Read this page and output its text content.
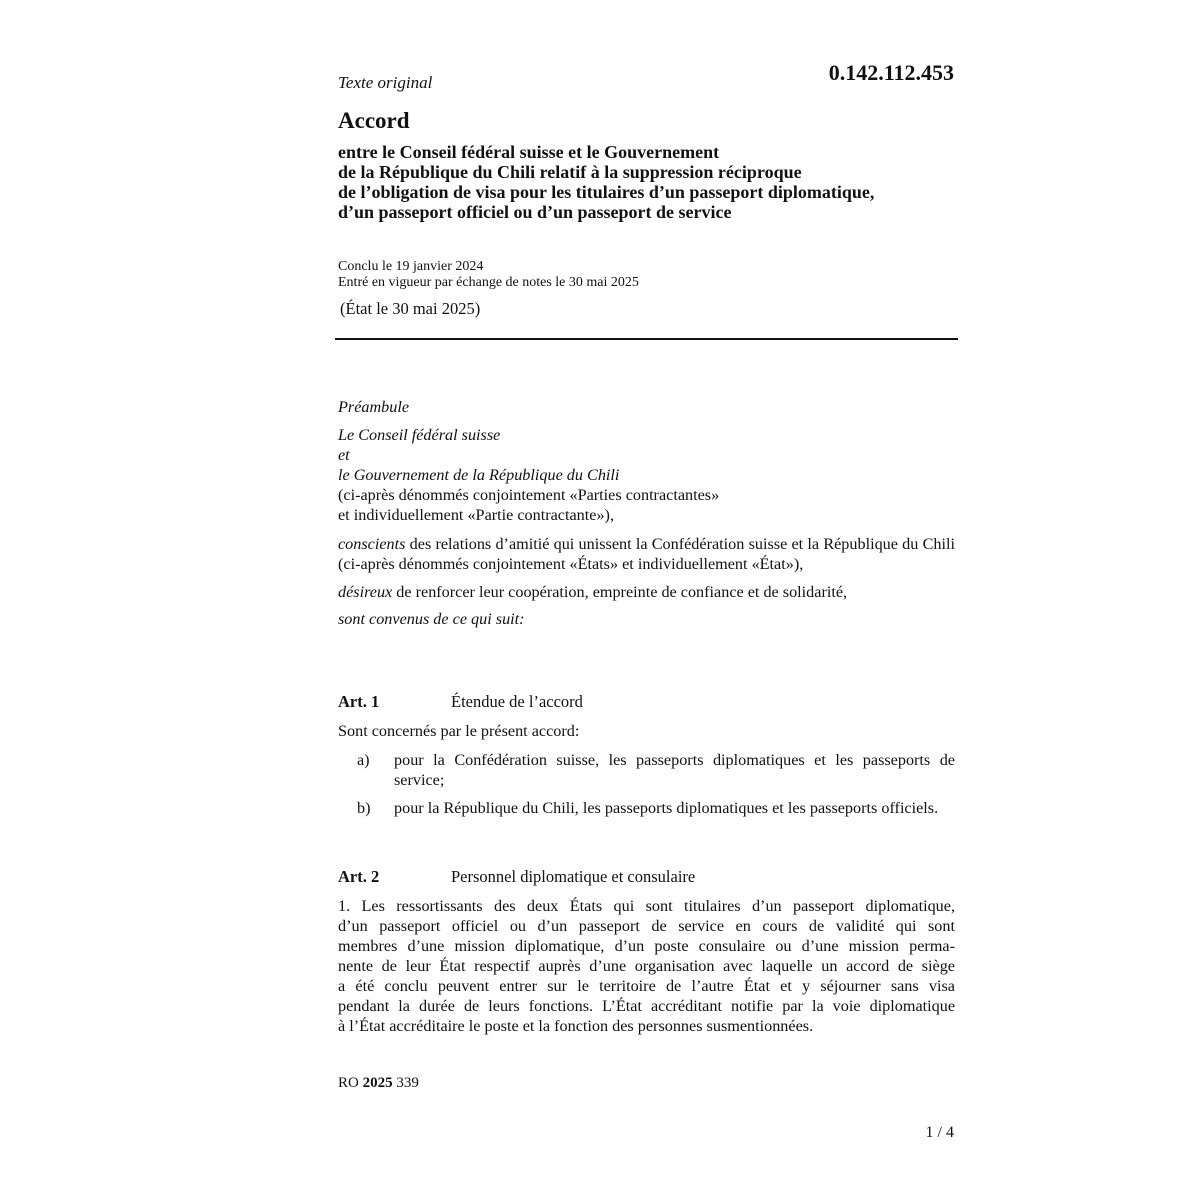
Texte original	0.142.112.453
Accord
entre le Conseil fédéral suisse et le Gouvernement
de la République du Chili relatif à la suppression réciproque
de l’obligation de visa pour les titulaires d’un passeport diplomatique,
d’un passeport officiel ou d’un passeport de service
Conclu le 19 janvier 2024
Entré en vigueur par échange de notes le 30 mai 2025
(État le 30 mai 2025)
Préambule
Le Conseil fédéral suisse
et
le Gouvernement de la République du Chili
(ci-après dénommés conjointement «Parties contractantes»
et individuellement «Partie contractante»),
conscients des relations d’amitié qui unissent la Confédération suisse et la République du Chili (ci-après dénommés conjointement «États» et individuellement «État»),
désireux de renforcer leur coopération, empreinte de confiance et de solidarité,
sont convenus de ce qui suit:
Art. 1	Étendue de l’accord
Sont concernés par le présent accord:
a)	pour la Confédération suisse, les passeports diplomatiques et les passeports de service;
b)	pour la République du Chili, les passeports diplomatiques et les passeports officiels.
Art. 2	Personnel diplomatique et consulaire
1. Les ressortissants des deux États qui sont titulaires d’un passeport diplomatique,
d’un passeport officiel ou d’un passeport de service en cours de validité qui sont
membres d’une mission diplomatique, d’un poste consulaire ou d’une mission perma-
nente de leur État respectif auprès d’une organisation avec laquelle un accord de siège
a été conclu peuvent entrer sur le territoire de l’autre État et y séjourner sans visa
pendant la durée de leurs fonctions. L’État accréditant notifie par la voie diplomatique
à l’État accréditaire le poste et la fonction des personnes susmentionnées.
RO 2025 339
1 / 4
